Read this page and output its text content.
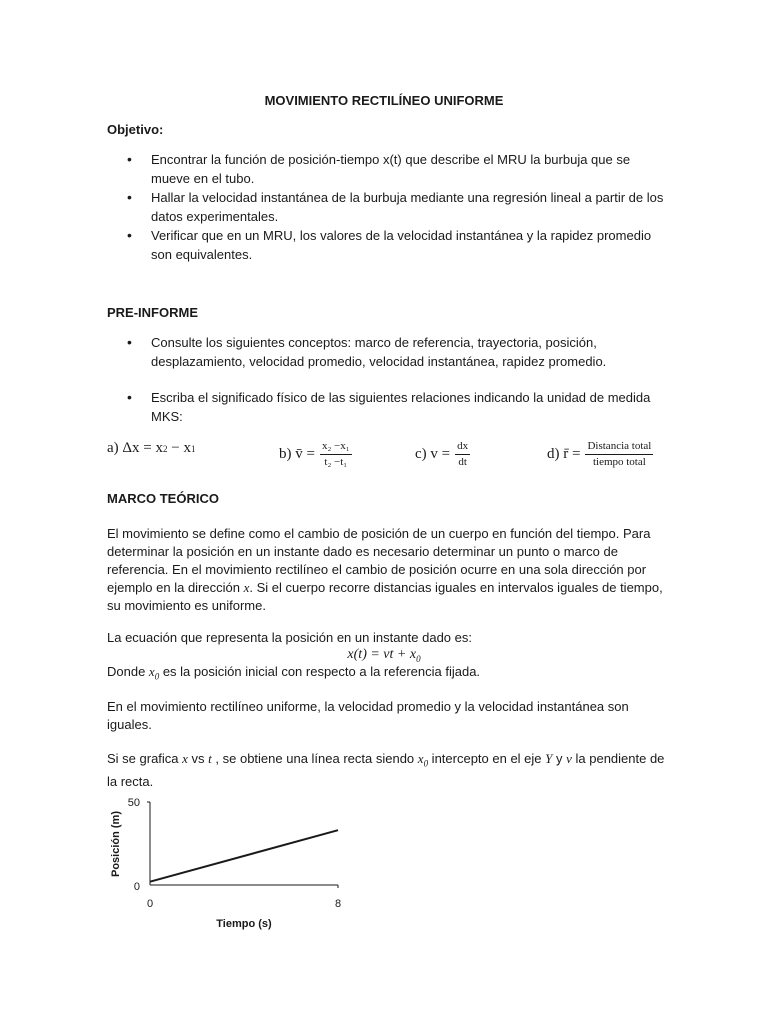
MOVIMIENTO RECTILÍNEO UNIFORME
Objetivo:
• Encontrar la función de posición-tiempo x(t) que describe el MRU la burbuja que se mueve en el tubo.
• Hallar la velocidad instantánea de la burbuja mediante una regresión lineal a partir de los datos experimentales.
• Verificar que en un MRU, los valores de la velocidad instantánea y la rapidez promedio son equivalentes.
PRE-INFORME
• Consulte los siguientes conceptos: marco de referencia, trayectoria, posición, desplazamiento, velocidad promedio, velocidad instantánea, rapidez promedio.
• Escriba el significado físico de las siguientes relaciones indicando la unidad de medida MKS:
a)
Δx = x 2
− x 1	b)
v̄ = $\frac{\text{x₂ −x₁}}{\text{t₂ −t₁}}$	c)
$v = \frac{dx}{dt}$	d)
r̄ = $\frac{\text{Distancia total}}{\text{tiempo total}}$
MARCO TEÓRICO

El movimiento se define como el cambio de posición de un cuerpo en función del tiempo. Para determinar la posición en un instante dado es necesario determinar un punto o marco de referencia. En el movimiento rectilíneo el cambio de posición ocurre en una sola dirección por ejemplo en la dirección x. Si el cuerpo recorre distancias iguales en intervalos iguales de tiempo, su movimiento es uniforme.

La ecuación que representa la posición en un instante dado es:

x(t) = vt + $x_0$

Donde $x_0$ es la posición inicial con respecto a la referencia fijada.

En el movimiento rectilíneo uniforme, la velocidad promedio y la velocidad instantánea son iguales.

Si se grafica x vs t , se obtiene una línea recta siendo $x_0$ intercepto en el eje Y y v la pendiente de la recta.

50
0
0	8
Tiempo (s)
Posición (m)
